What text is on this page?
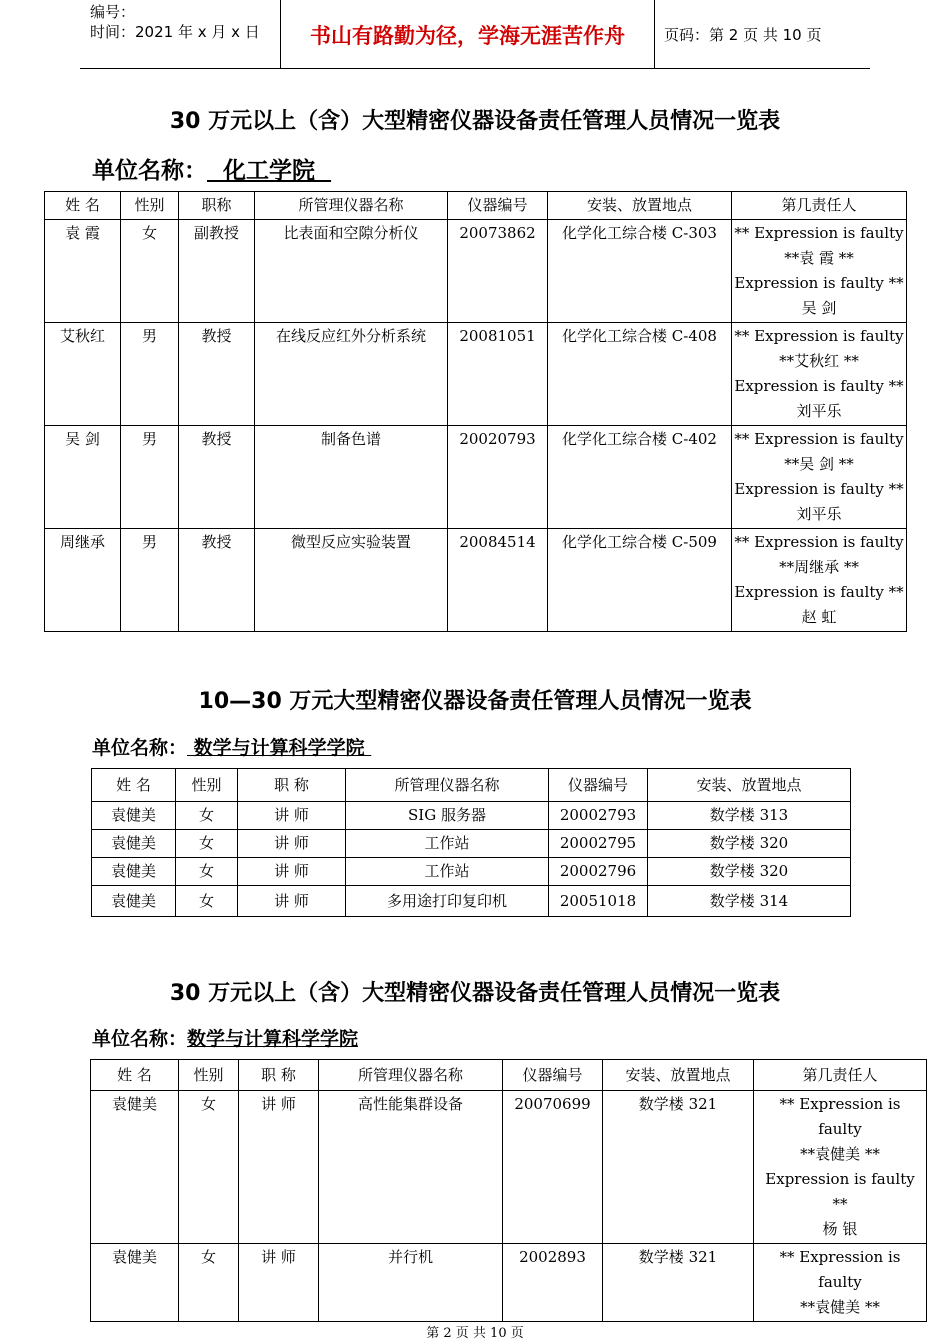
编号：
时间：2021 年 x 月 x 日	书山有路勤为径，学海无涯苦作舟	页码：第 2 页 共 10 页
30 万元以上（含）大型精密仪器设备责任管理人员情况一览表
单位名称：  化工学院
姓 名	性别	职称	所管理仪器名称	仪器编号	安装、放置地点	第几责任人
袁 霞	女	副教授	比表面和空隙分析仪	20073862	化学化工综合楼 C-303	** Expression is faulty
**袁 霞 **
Expression is faulty **
吴 剑

艾秋红	男	教授	在线反应红外分析系统	20081051	化学化工综合楼 C-408	** Expression is faulty
**艾秋红 **
Expression is faulty **
刘平乐

吴 剑	男	教授	制备色谱	20020793	化学化工综合楼 C-402	** Expression is faulty
**吴 剑 **
Expression is faulty **
刘平乐

周继承	男	教授	微型反应实验装置	20084514	化学化工综合楼 C-509	** Expression is faulty
**周继承 **
Expression is faulty **
赵 虹
10—30 万元大型精密仪器设备责任管理人员情况一览表
单位名称： 数学与计算科学学院
姓 名	性别	职 称	所管理仪器名称	仪器编号	安装、放置地点
袁健美	女	讲 师	SIG 服务器	20002793	数学楼 313
袁健美	女	讲 师	工作站	20002795	数学楼 320
袁健美	女	讲 师	工作站	20002796	数学楼 320
袁健美	女	讲 师	多用途打印复印机	20051018	数学楼 314
30 万元以上（含）大型精密仪器设备责任管理人员情况一览表
单位名称：数学与计算科学学院
姓 名	性别	职 称	所管理仪器名称	仪器编号	安装、放置地点	第几责任人
袁健美	女	讲 师	高性能集群设备	20070699	数学楼 321	** Expression is faulty
**袁健美 **
Expression is faulty **
杨 银

袁健美	女	讲 师	并行机	2002893	数学楼 321	** Expression is faulty
**袁健美 **
第 2 页 共 10 页
